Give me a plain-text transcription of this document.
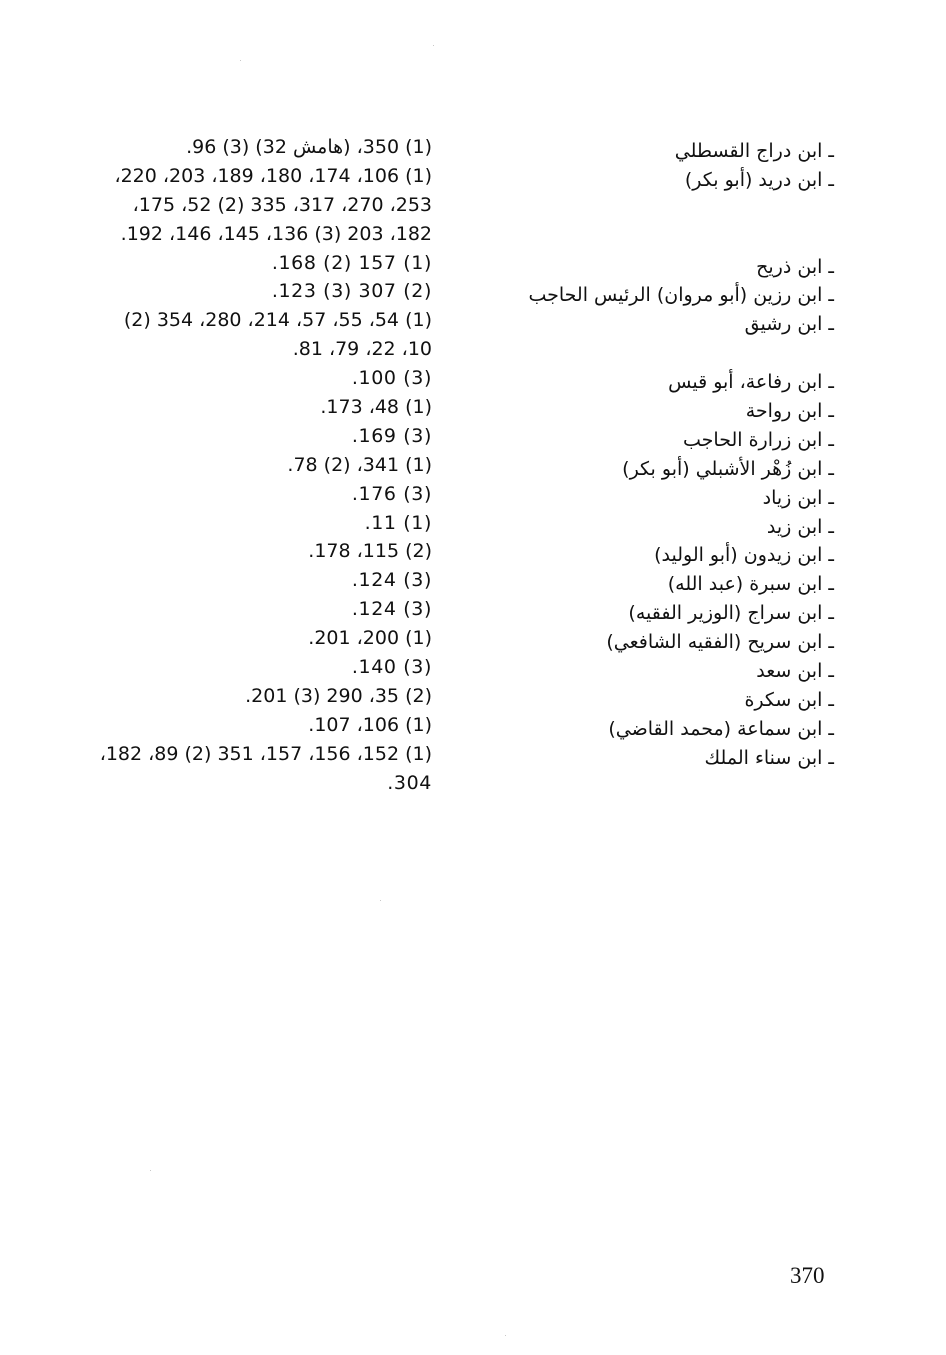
ـ ابن دراج القسطلي
ـ ابن دريد (أبو بكر)
ـ ابن ذريح
ـ ابن رزين (أبو مروان) الرئيس الحاجب
ـ ابن رشيق
ـ ابن رفاعة، أبو قيس
ـ ابن رواحة
ـ ابن زرارة الحاجب
ـ ابن زُهْر الأشبلي (أبو بكر)
ـ ابن زياد
ـ ابن زيد
ـ ابن زيدون (أبو الوليد)
ـ ابن سبرة (عبد الله)
ـ ابن سراج (الوزير الفقيه)
ـ ابن سريح (الفقيه الشافعي)
ـ ابن سعد
ـ ابن سكرة
ـ ابن سماعة (محمد القاضي)
ـ ابن سناء الملك
(1) 350، (هامش 32) (3) 96.
(1) 106، 174، 180، 189، 203، 220،
253، 270، 317، 335 (2) 52، 175،
182، 203 (3) 136، 145، 146، 192.
(1) 157 (2) 168.
(2) 307 (3) 123.
(1) 54، 55، 57، 214، 280، 354 (2)
10، 22، 79، 81.
(3) 100.
(1) 48، 173.
(3) 169.
(1) 341، (2) 78.
(3) 176.
(1) 11.
(2) 115، 178.
(3) 124.
(3) 124.
(1) 200، 201.
(3) 140.
(2) 35، 290 (3) 201.
(1) 106، 107.
(1) 152، 156، 157، 351 (2) 89، 182،
304.
370
